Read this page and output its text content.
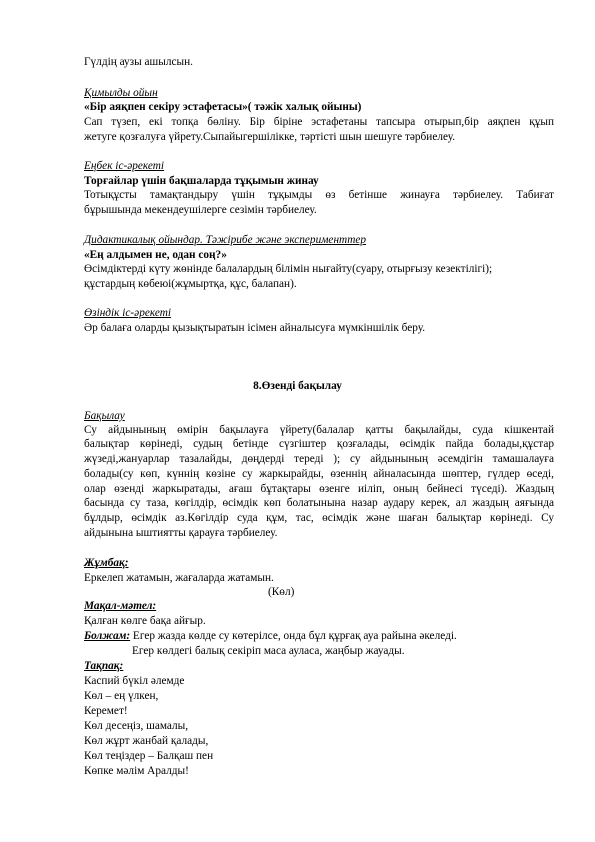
Гүлдің аузы ашылсын.
Қимылды ойын
«Бір аяқпен секіру эстафетасы»( тәжік халық ойыны)
Сап түзеп, екі топқа бөліну. Бір біріне эстафетаны тапсыра отырып,бір аяқпен құып
жетуге қозғалуға үйрету.Сыпайыгершілікке, тәртісті шын шешуге тәрбиелеу.
Еңбек іс-әрекеті
Торғайлар үшін бақшаларда тұқымын жинау
Тотықұсты тамақтандыру үшін тұқымды өз бетінше жинауға тәрбиелеу. Табиғат
бұрышында мекендеушілерге сезімін тәрбиелеу.
Дидактикалық ойындар. Тәжірибе және эксперименттер
«Ең алдымен не, одан соң?»
Өсімдіктерді күту жөнінде балалардың білімін нығайту(суару, отырғызу кезектілігі);
құстардың көбеюі(жұмыртқа, құс, балапан).
Өзіндік іс-әрекеті
Әр балаға оларды қызықтыратын ісімен айналысуға мүмкіншілік беру.
8.Өзенді бақылау
Бақылау
Су айдынының өмірін бақылауға үйрету(балалар қатты бақылайды, суда кішкентай
балықтар көрінеді, судың бетінде сүзгіштер қозғалады, өсімдік пайда болады,құстар
жүзеді,жануарлар тазалайды, дөңдерді тереді ); су айдынының әсемдігін тамашалауға
болады(су көп, күннің көзіне су жаркырайды, өзеннің айналасында шөптер, гүлдер өседі,
олар өзенді жаркыратады, ағаш бұтақтары өзенге иіліп, оның бейнесі түседі). Жаздың
басында су таза, көгілдір, өсімдік көп болатынына назар аудару керек, ал жаздың аяғында
бұлдыр, өсімдік аз.Көгілдір суда құм, тас, өсімдік және шаған балықтар көрінеді. Су
айдынына ыштиятты қарауға тәрбиелеу.
Жұмбақ:
Еркелеп жатамын, жағаларда жатамын.
(Көл)
Мақал-мәтел:
Қалған көлге бақа айғыр.
Болжам: Егер жазда көлде су көтерілсе, онда бұл құрғақ ауа райына әкеледі.
Егер көлдегі балық секіріп маса ауласа, жаңбыр жауады.
Тақпақ:
Каспий бүкіл әлемде
Көл – ең үлкен,
Керемет!
Көл десеңіз, шамалы,
Көл жұрт жанбай қалады,
Көл теңіздер – Балқаш пен
Көпке мәлім Аралды!
